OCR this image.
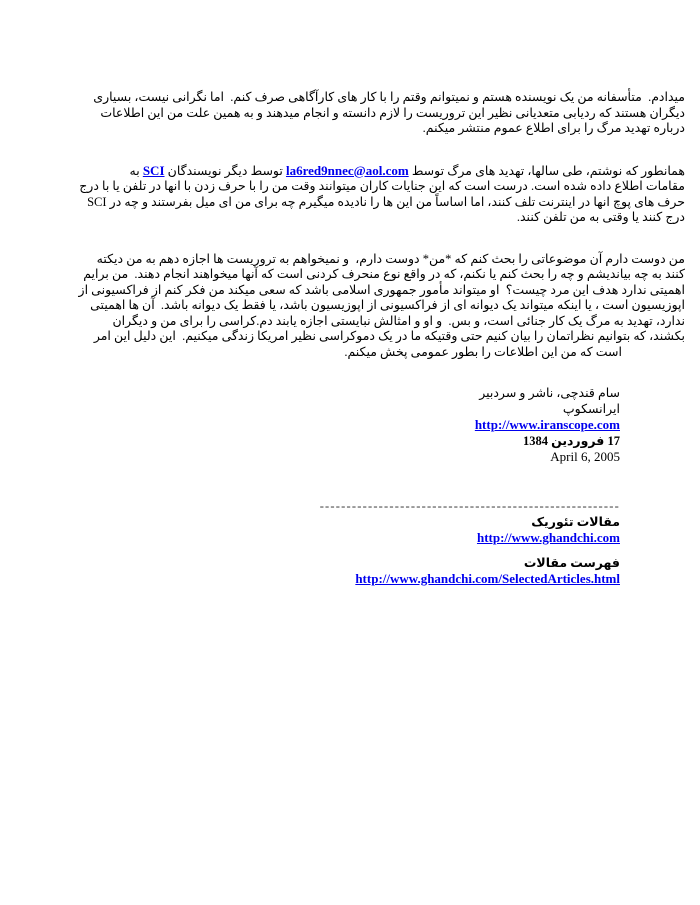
میدادم.  متأسفانه من یک نویسنده هستم و نمیتوانم وقتم را با کار های کارآگاهی صرف کنم.  اما نگرانی نیست، بسیاری
دیگران هستند که ردیابی متعدیانی نظیر این تروریست را لازم دانسته و انجام میدهند و به همین علت من این اطلاعات
درباره تهدید مرگ را برای اطلاع عموم منتشر میکنم.

همانطور که نوشتم، طی سالها، تهدید های مرگ توسط la6red9nnec@aol.com توسط دیگر نویسندگان SCI به
مقامات اطلاع داده شده است. درست است که این جنایات کاران میتوانند وقت من را با حرف زدن با انها در تلفن یا با درج
حرف های پوچ انها در اینترنت تلف کنند، اما اساساً من این ها را نادیده میگیرم چه برای من ای میل بفرستند و چه در SCI
درج کنند یا وقتی به من تلفن کنند.

من دوست دارم آن موضوعاتی را بحث کنم که *من* دوست دارم،  و نمیخواهم به تروریست ها اجازه دهم به من دیکته
کنند به چه بیاندیشم و چه را بحث کنم یا نکنم، که در واقع نوع منحرف کردنی است که آنها میخواهند انجام دهند.  من برایم
اهمیتی ندارد هدف این مرد چیست؟  او میتواند مأمور جمهوری اسلامی باشد که سعی میکند من فکر کنم از فراکسیونی از
اپوزیسیون است ، یا اینکه میتواند یک دیوانه ای از فراکسیونی از اپوزیسیون باشد، یا فقط یک دیوانه باشد.  آن ها اهمیتی
ندارد، تهدید به مرگ یک کار جنائی است، و بس.  و او و امثالش نبایستی اجازه یابند دم.کراسی را برای من و دیگران
بکشند، که بتوانیم نظراتمان را بیان کنیم حتی وقتیکه ما در یک دموکراسی نظیر امریکا زندگی میکنیم.  این دلیل این امر
است که من این اطلاعات را بطور عمومی پخش میکنم.

سام قندچی، ناشر و سردبیر
ایرانسکوپ
http://www.iranscope.com
17 فروردین 1384
April 6, 2005
--------------------------------------------------------
مقالات تئوریک
http://www.ghandchi.com
فهرست مقالات
http://www.ghandchi.com/SelectedArticles.html
